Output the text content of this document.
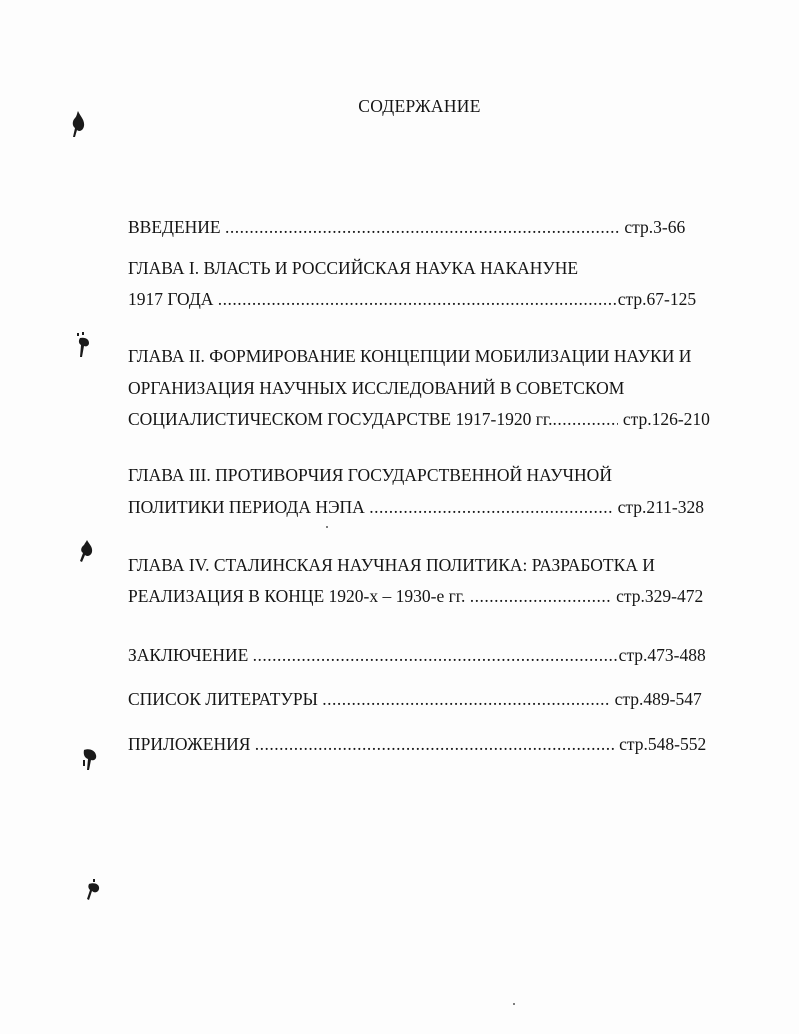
СОДЕРЖАНИЕ
ВВЕДЕНИЕ .....	стр.3-66
ГЛАВА I. ВЛАСТЬ И РОССИЙСКАЯ НАУКА НАКАНУНЕ
1917 ГОДА .....	стр.67-125
ГЛАВА II. ФОРМИРОВАНИЕ КОНЦЕПЦИИ МОБИЛИЗАЦИИ НАУКИ И
ОРГАНИЗАЦИЯ НАУЧНЫХ ИССЛЕДОВАНИЙ В СОВЕТСКОМ
СОЦИАЛИСТИЧЕСКОМ ГОСУДАРСТВЕ 1917-1920 гг. .....	стр.126-210
ГЛАВА III. ПРОТИВОРЧИЯ ГОСУДАРСТВЕННОЙ НАУЧНОЙ
ПОЛИТИКИ ПЕРИОДА НЭПА .....	стр.211-328
ГЛАВА IV. СТАЛИНСКАЯ НАУЧНАЯ ПОЛИТИКА: РАЗРАБОТКА И
РЕАЛИЗАЦИЯ В КОНЦЕ 1920-х – 1930-е гг. .....	стр.329-472
ЗАКЛЮЧЕНИЕ .....	стр.473-488
СПИСОК ЛИТЕРАТУРЫ .....	стр.489-547
ПРИЛОЖЕНИЯ .....	стр.548-552
